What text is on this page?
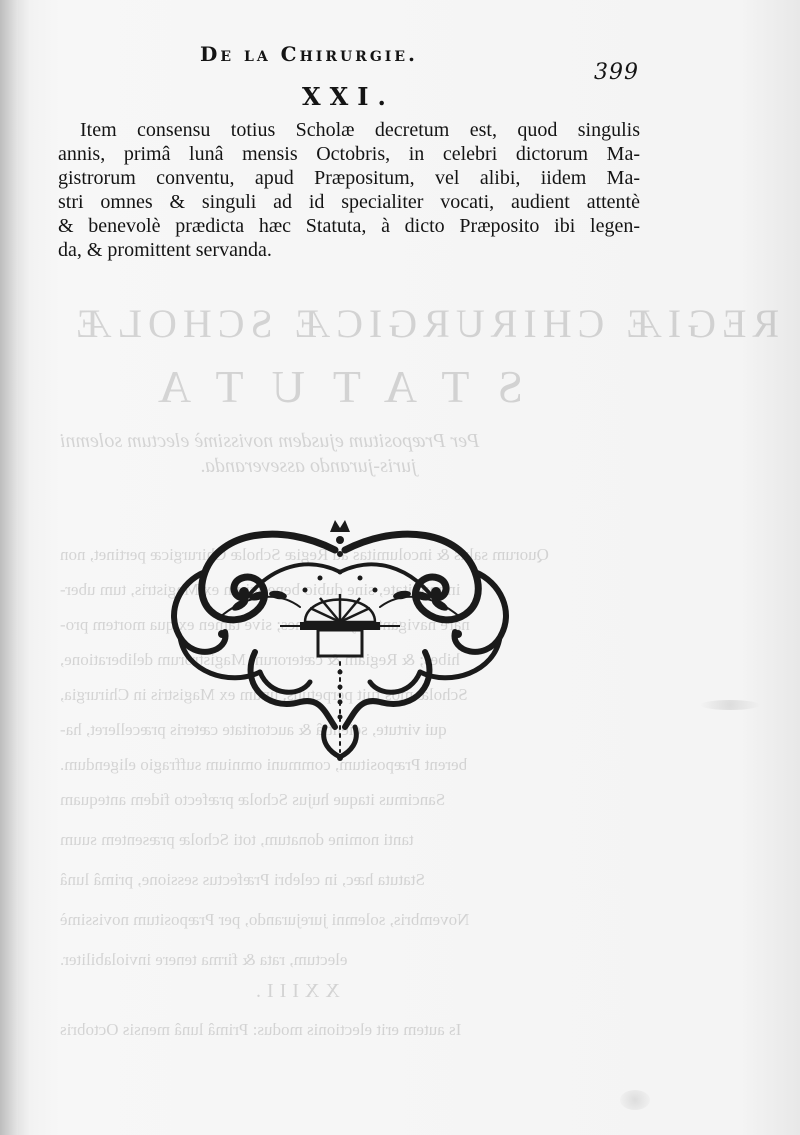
REGIÆ CHIRURGICÆ SCHOLÆ
STATUTA
Per Præpositum ejusdem novissimè electum solemni
juris-jurando asseveranda.
Quorum salus & incolumitas ad Regiæ Scholæ Chirurgicæ pertinet, non
immunitate, sine dubio beneficium ex Magistris, tum uber-
nare navigantes, jam omnes; sive tamen ex qua mortem pro-
hibes; & Regiam & cæterorum Magistrorum deliberatione,
Scholæ mos fuit perpetuus, unum ex Magistris in Chirurgia,
qui virtute, scientiâ & auctoritate cæteris præcelleret, ha-
berent Præpositum, communi omnium suffragio eligendum.
Sancimus itaque hujus Scholæ præfecto fidem antequam
tanti nomine donatum, toti Scholæ præsentem suum
Statuta hæc, in celebri Præfectus sessione, primâ lunâ
Novembris, solemni jurejurando, per Præpositum novissimè
electum, rata & firma tenere inviolabiliter.
XXIII.
Is autem erit electionis modus: Primâ lunâ mensis Octobris
De la Chirurgie.
399
XXI.
Item consensu totius Scholæ decretum est, quod singulis
annis, primâ lunâ mensis Octobris, in celebri dictorum Ma-
gistrorum conventu, apud Præpositum, vel alibi, iidem Ma-
stri omnes & singuli ad id specialiter vocati, audient attentè
& benevolè prædicta hæc Statuta, à dicto Præposito ibi legen-
da, & promittent servanda.
